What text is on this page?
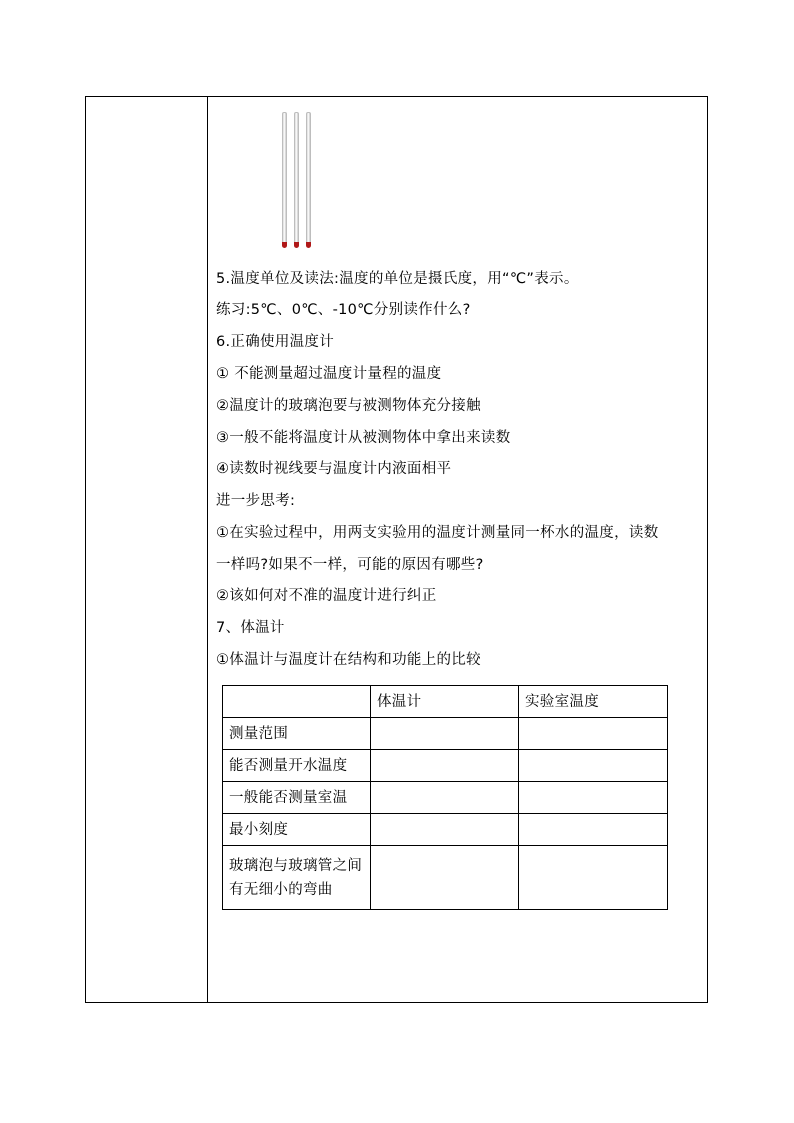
5.温度单位及读法:温度的单位是摄氏度，用“℃”表示。
练习:5℃、0℃、-10℃分别读作什么?
6.正确使用温度计
① 不能测量超过温度计量程的温度
②温度计的玻璃泡要与被测物体充分接触
③一般不能将温度计从被测物体中拿出来读数
④读数时视线要与温度计内液面相平
进一步思考:
①在实验过程中，用两支实验用的温度计测量同一杯水的温度，读数
一样吗?如果不一样，可能的原因有哪些?
②该如何对不准的温度计进行纠正
7、体温计
①体温计与温度计在结构和功能上的比较
	体温计	实验室温度
测量范围		
能否测量开水温度		
一般能否测量室温		
最小刻度		
玻璃泡与玻璃管之间有无细小的弯曲		
